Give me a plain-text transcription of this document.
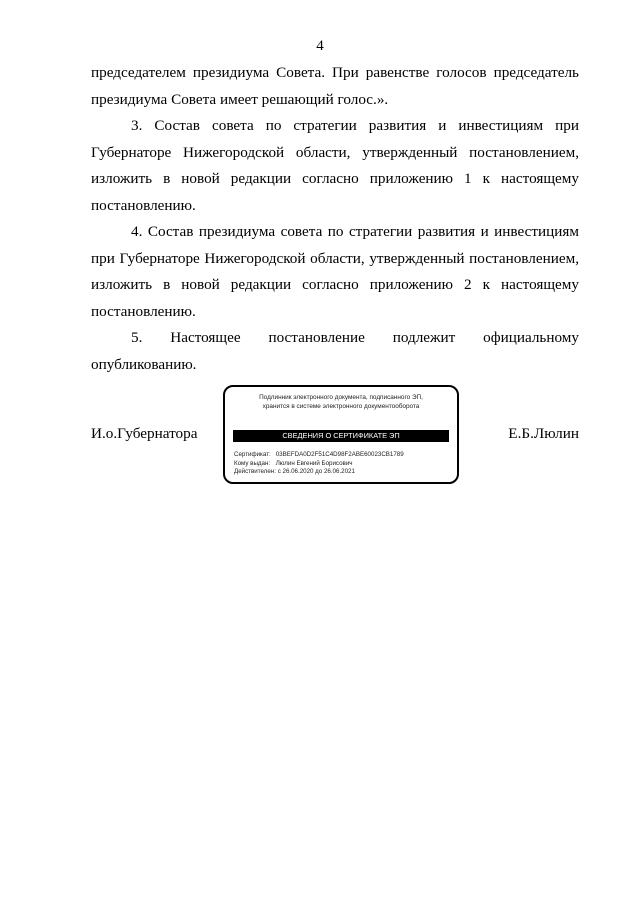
4

председателем президиума Совета. При равенстве голосов председатель президиума Совета имеет решающий голос.».

3. Состав совета по стратегии развития и инвестициям при Губернаторе Нижегородской области, утвержденный постановлением, изложить в новой редакции согласно приложению 1 к настоящему постановлению.

4. Состав президиума совета по стратегии развития и инвестициям при Губернаторе Нижегородской области, утвержденный постановлением, изложить в новой редакции согласно приложению 2 к настоящему постановлению.

5. Настоящее постановление подлежит официальному опубликованию.

И.о.Губернатора	Е.Б.Люлин
Подлинник электронного документа, подписанного ЭП,
хранится в системе электронного документооборота
СВЕДЕНИЯ О СЕРТИФИКАТЕ ЭП
Сертификат: 03BEFDA0D2F51C4D98F2ABE60023CB1789
Кому выдан: Люлин Евгений Борисович
Действителен: с 26.06.2020 до 26.06.2021
